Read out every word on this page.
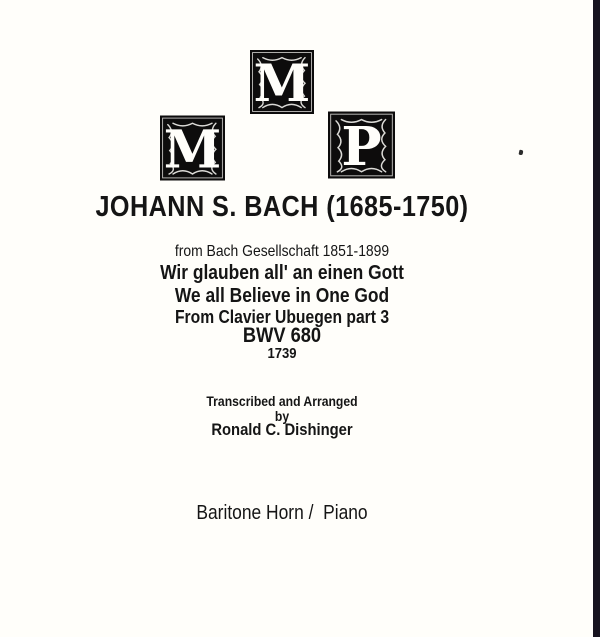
M
M P
JOHANN S. BACH (1685-1750)
from Bach Gesellschaft 1851-1899
Wir glauben all' an einen Gott
We all Believe in One God
From Clavier Ubuegen part 3
BWV 680
1739
Transcribed and Arranged
by
Ronald C. Dishinger
Baritone Horn /  Piano
